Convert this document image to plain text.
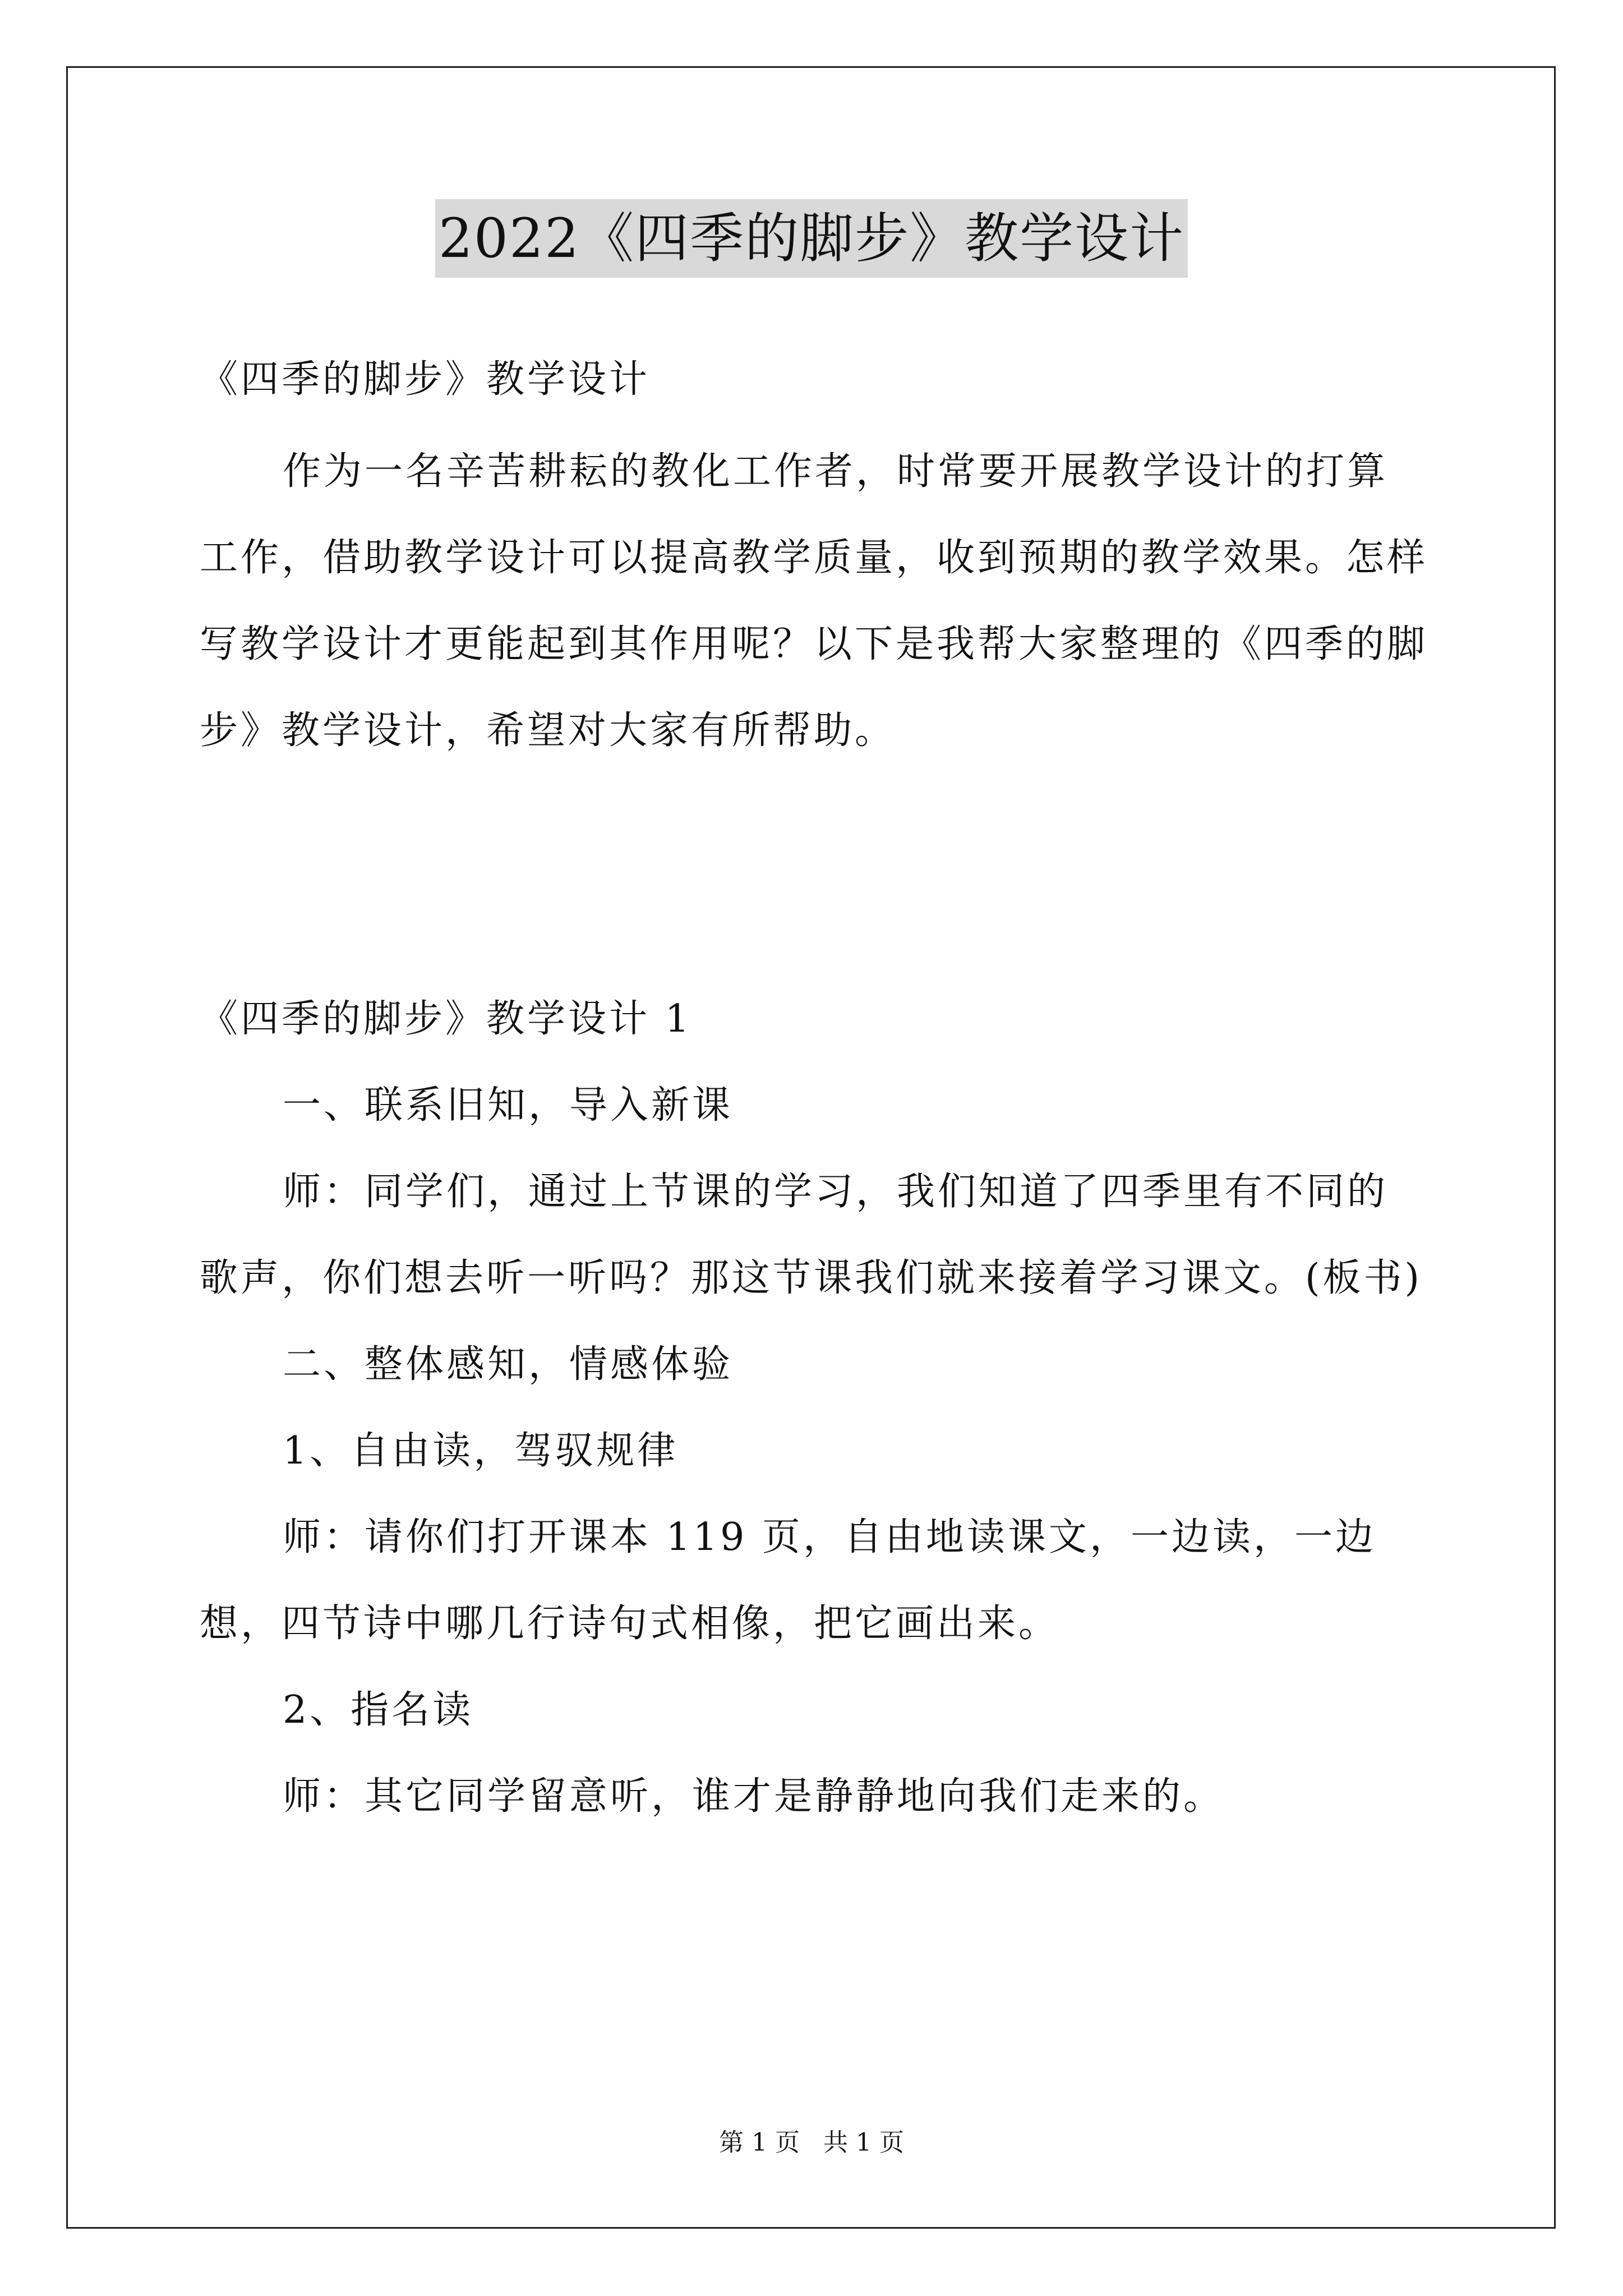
2022《四季的脚步》教学设计

《四季的脚步》教学设计

作为一名辛苦耕耘的教化工作者，时常要开展教学设计的打算工作，借助教学设计可以提高教学质量，收到预期的教学效果。怎样写教学设计才更能起到其作用呢？以下是我帮大家整理的《四季的脚步》教学设计，希望对大家有所帮助。

《四季的脚步》教学设计 1

一、联系旧知，导入新课

师：同学们，通过上节课的学习，我们知道了四季里有不同的歌声，你们想去听一听吗？那这节课我们就来接着学习课文。(板书)

二、整体感知，情感体验

1、自由读，驾驭规律

师：请你们打开课本 119 页，自由地读课文，一边读，一边想，四节诗中哪几行诗句式相像，把它画出来。

2、指名读

师：其它同学留意听，谁才是静静地向我们走来的。

第 1 页 共 1 页
